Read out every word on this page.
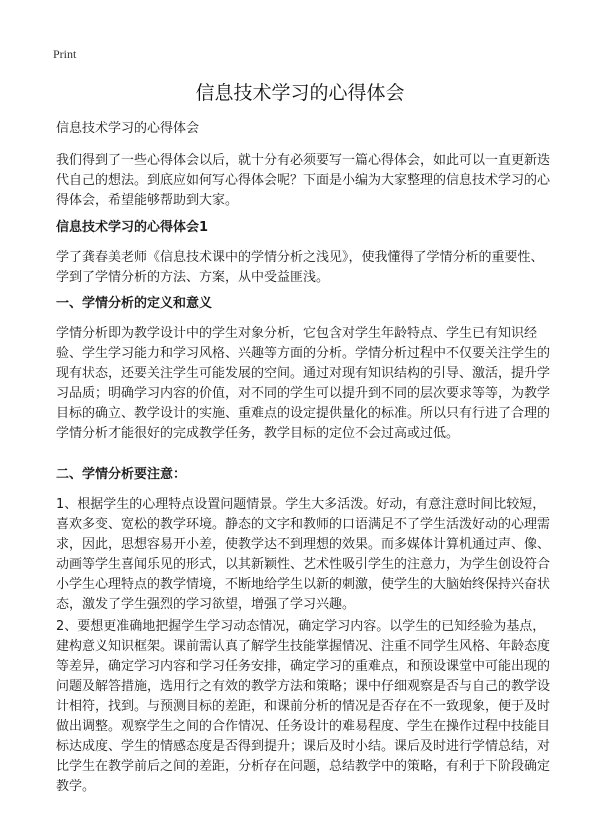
Print
信息技术学习的心得体会

信息技术学习的心得体会

我们得到了一些心得体会以后，就十分有必须要写一篇心得体会，如此可以一直更新迭代自己的想法。到底应如何写心得体会呢？下面是小编为大家整理的信息技术学习的心得体会，希望能够帮助到大家。

信息技术学习的心得体会1

学了龚春美老师《信息技术课中的学情分析之浅见》，使我懂得了学情分析的重要性、学到了学情分析的方法、方案，从中受益匪浅。

一、学情分析的定义和意义

学情分析即为教学设计中的学生对象分析，它包含对学生年龄特点、学生已有知识经验、学生学习能力和学习风格、兴趣等方面的分析。学情分析过程中不仅要关注学生的现有状态，还要关注学生可能发展的空间。通过对现有知识结构的引导、激活，提升学习品质；明确学习内容的价值，对不同的学生可以提升到不同的层次要求等等，为教学目标的确立、教学设计的实施、重难点的设定提供量化的标准。所以只有行进了合理的学情分析才能很好的完成教学任务，教学目标的定位不会过高或过低。

二、学情分析要注意：

1、根据学生的心理特点设置问题情景。学生大多活泼。好动，有意注意时间比较短，喜欢多变、宽松的教学环境。静态的文字和教师的口语满足不了学生活泼好动的心理需求，因此，思想容易开小差，使教学达不到理想的效果。而多媒体计算机通过声、像、动画等学生喜闻乐见的形式，以其新颖性、艺术性吸引学生的注意力，为学生创设符合小学生心理特点的教学情境，不断地给学生以新的刺激，使学生的大脑始终保持兴奋状态，激发了学生强烈的学习欲望，增强了学习兴趣。

2、要想更准确地把握学生学习动态情况，确定学习内容。以学生的已知经验为基点，建构意义知识框架。课前需认真了解学生技能掌握情况、注重不同学生风格、年龄态度等差异，确定学习内容和学习任务安排，确定学习的重难点，和预设课堂中可能出现的问题及解答措施，选用行之有效的教学方法和策略；课中仔细观察是否与自己的教学设计相符，找到。与预测目标的差距，和课前分析的情况是否存在不一致现象，便于及时做出调整。观察学生之间的合作情况、任务设计的难易程度、学生在操作过程中技能目标达成度、学生的情感态度是否得到提升；课后及时小结。课后及时进行学情总结，对比学生在教学前后之间的差距，分析存在问题，总结教学中的策略，有利于下阶段确定教学。
